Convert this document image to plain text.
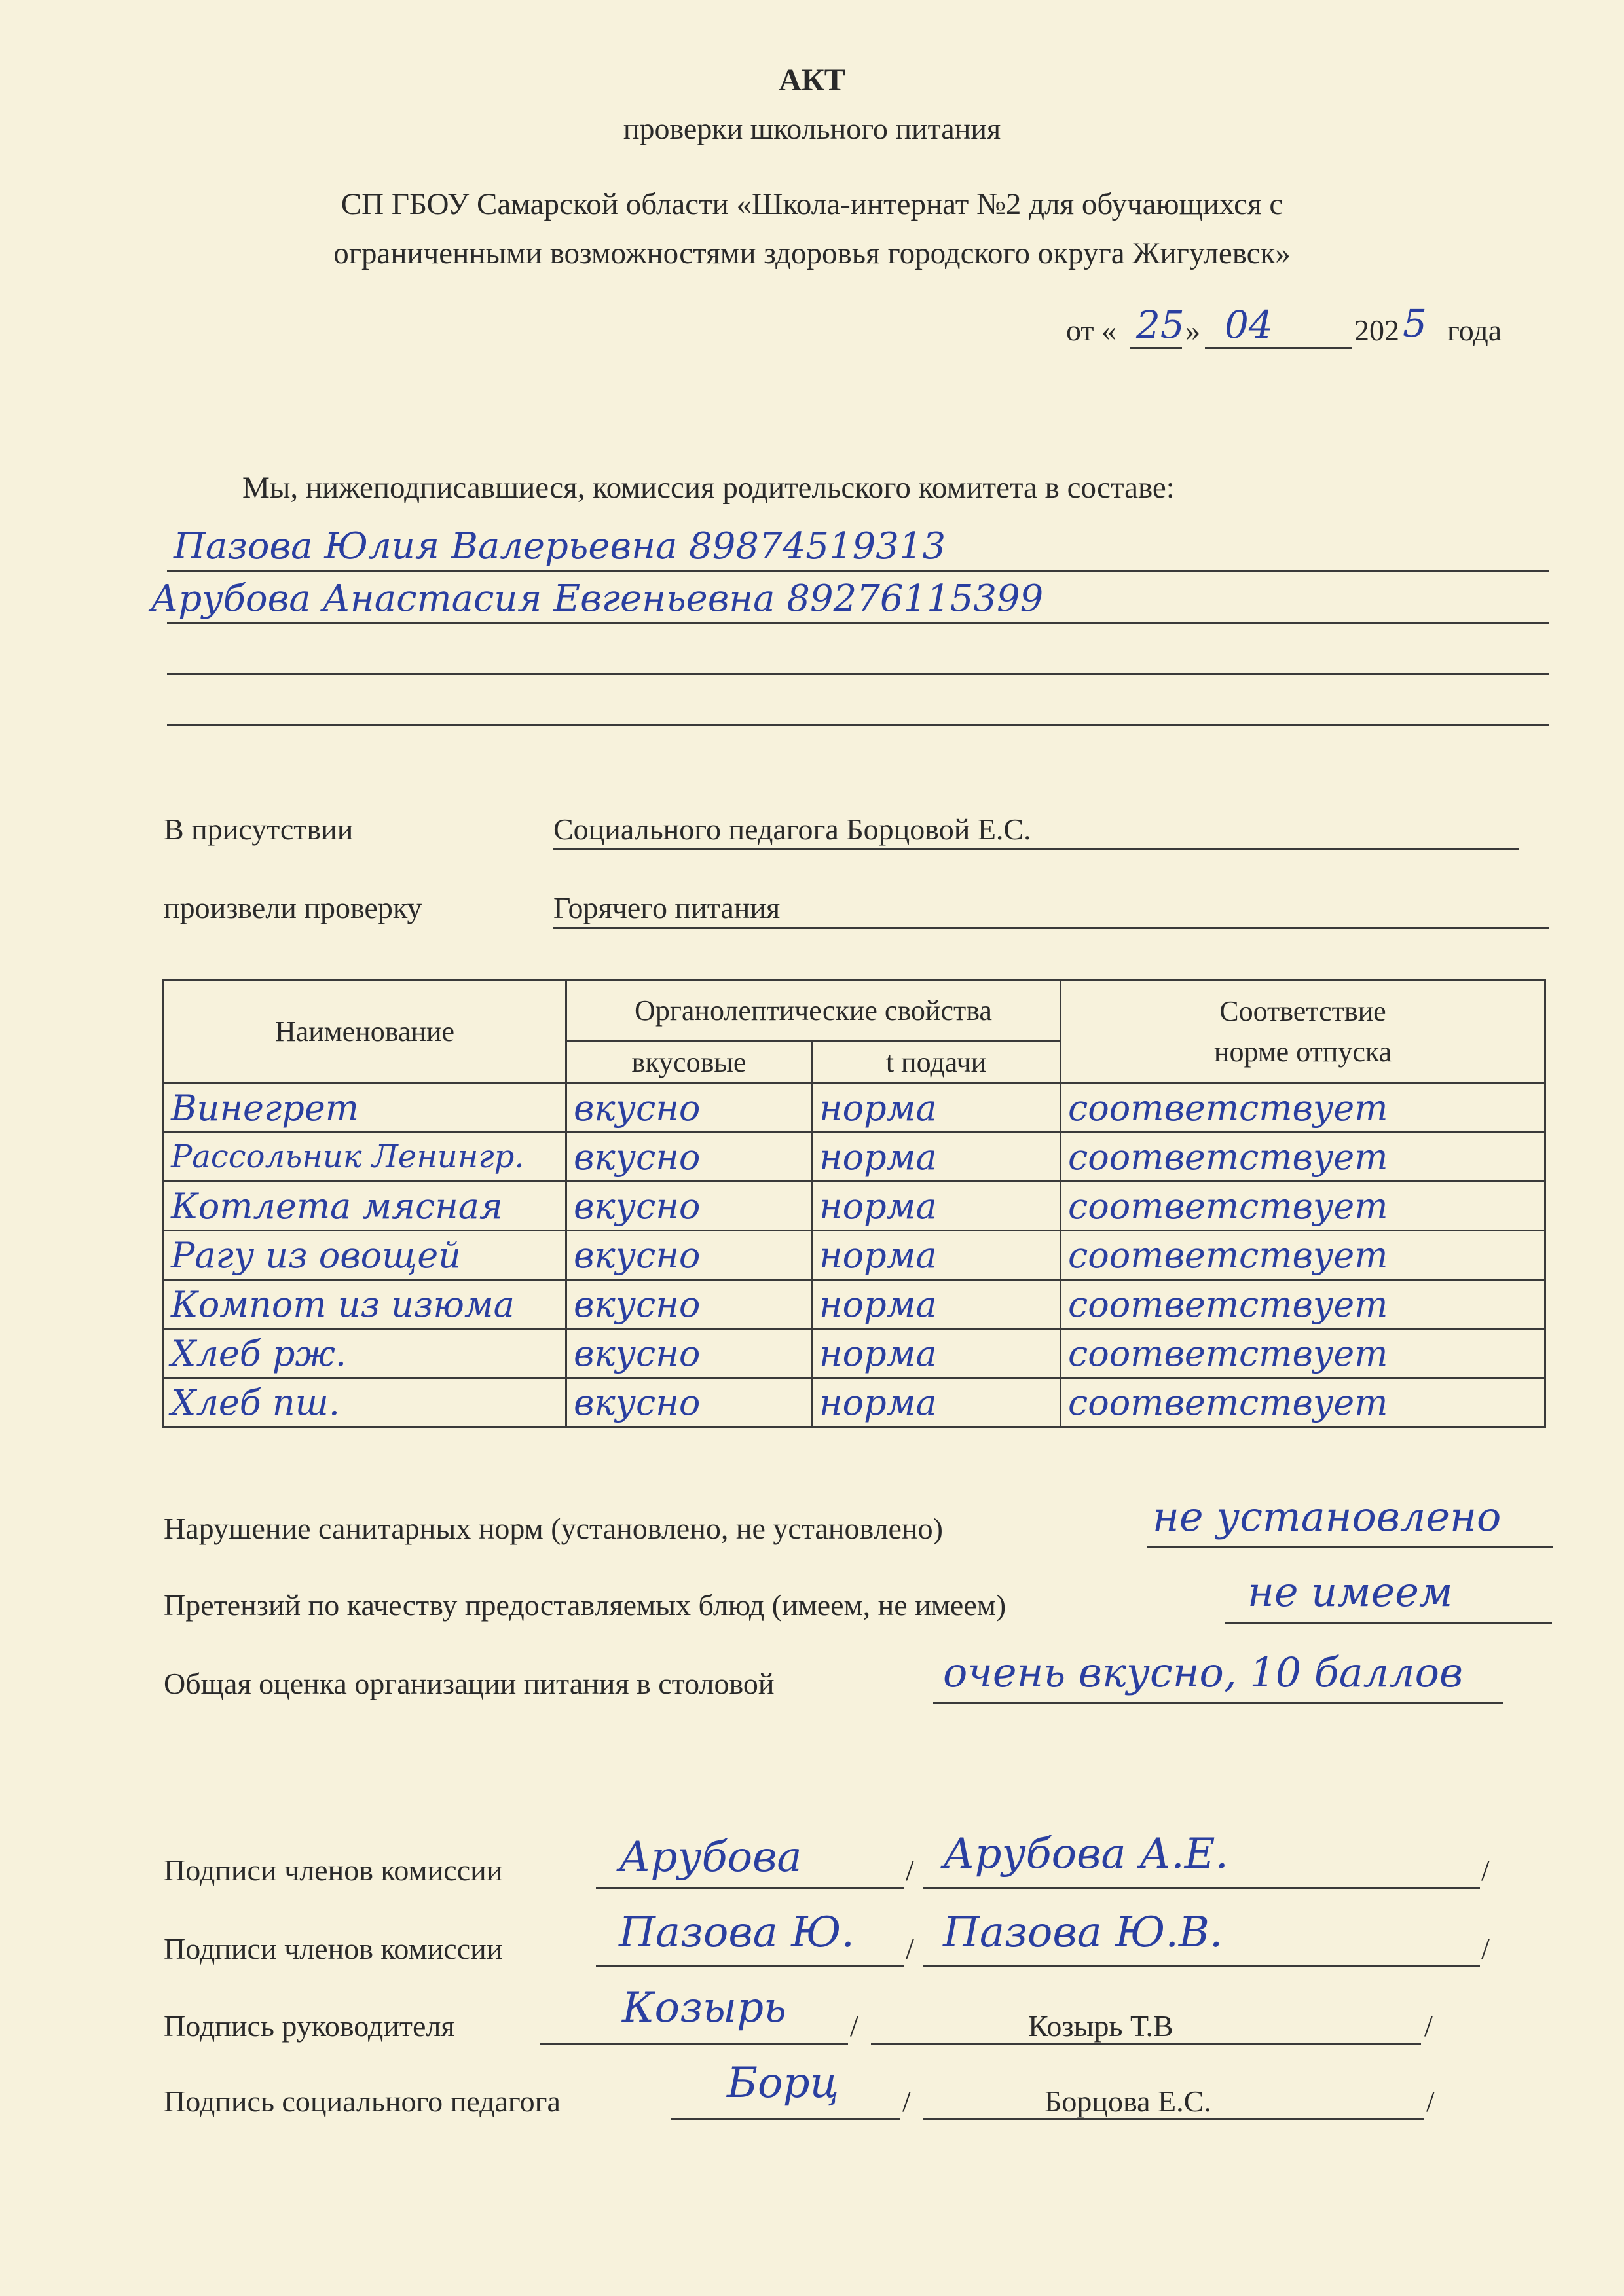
АКТ
проверки школьного питания
СП ГБОУ Самарской области «Школа-интернат №2 для обучающихся с
ограниченными возможностями здоровья городского округа Жигулевск»
от « 25 » 04	202 5 года
Мы, нижеподписавшиеся, комиссия родительского комитета в составе:
Пазова Юлия Валерьевна 89874519313
Арубова Анастасия Евгеньевна 89276115399
В присутствии	Социального педагога Борцовой Е.С.
произвели проверку	Горячего питания
Наименование	Органолептические свойства		Соответствие
норме отпуска

	вкусовые	t подачи	
Винегрет	вкусно	норма	соответствует
Рассольник Ленингр.	вкусно	норма	соответствует
Котлета мясная	вкусно	норма	соответствует
Рагу из овощей	вкусно	норма	соответствует
Компот из изюма	вкусно	норма	соответствует
Хлеб рж.	вкусно	норма	соответствует
Хлеб пш.	вкусно	норма	соответствует
Нарушение санитарных норм (установлено, не установлено)	не установлено
Претензий по качеству предоставляемых блюд (имеем, не имеем)	не имеем
Общая оценка организации питания в столовой	очень вкусно, 10 баллов
Подписи членов комиссии	Арубова	/ Арубова А.Е.	/
Подписи членов комиссии	Пазова Ю. / Пазова Ю.В.	/
Подпись руководителя	Козырь /	Козырь Т.В	/
Подпись социального педагога	Борц /	Борцова Е.С.	/
